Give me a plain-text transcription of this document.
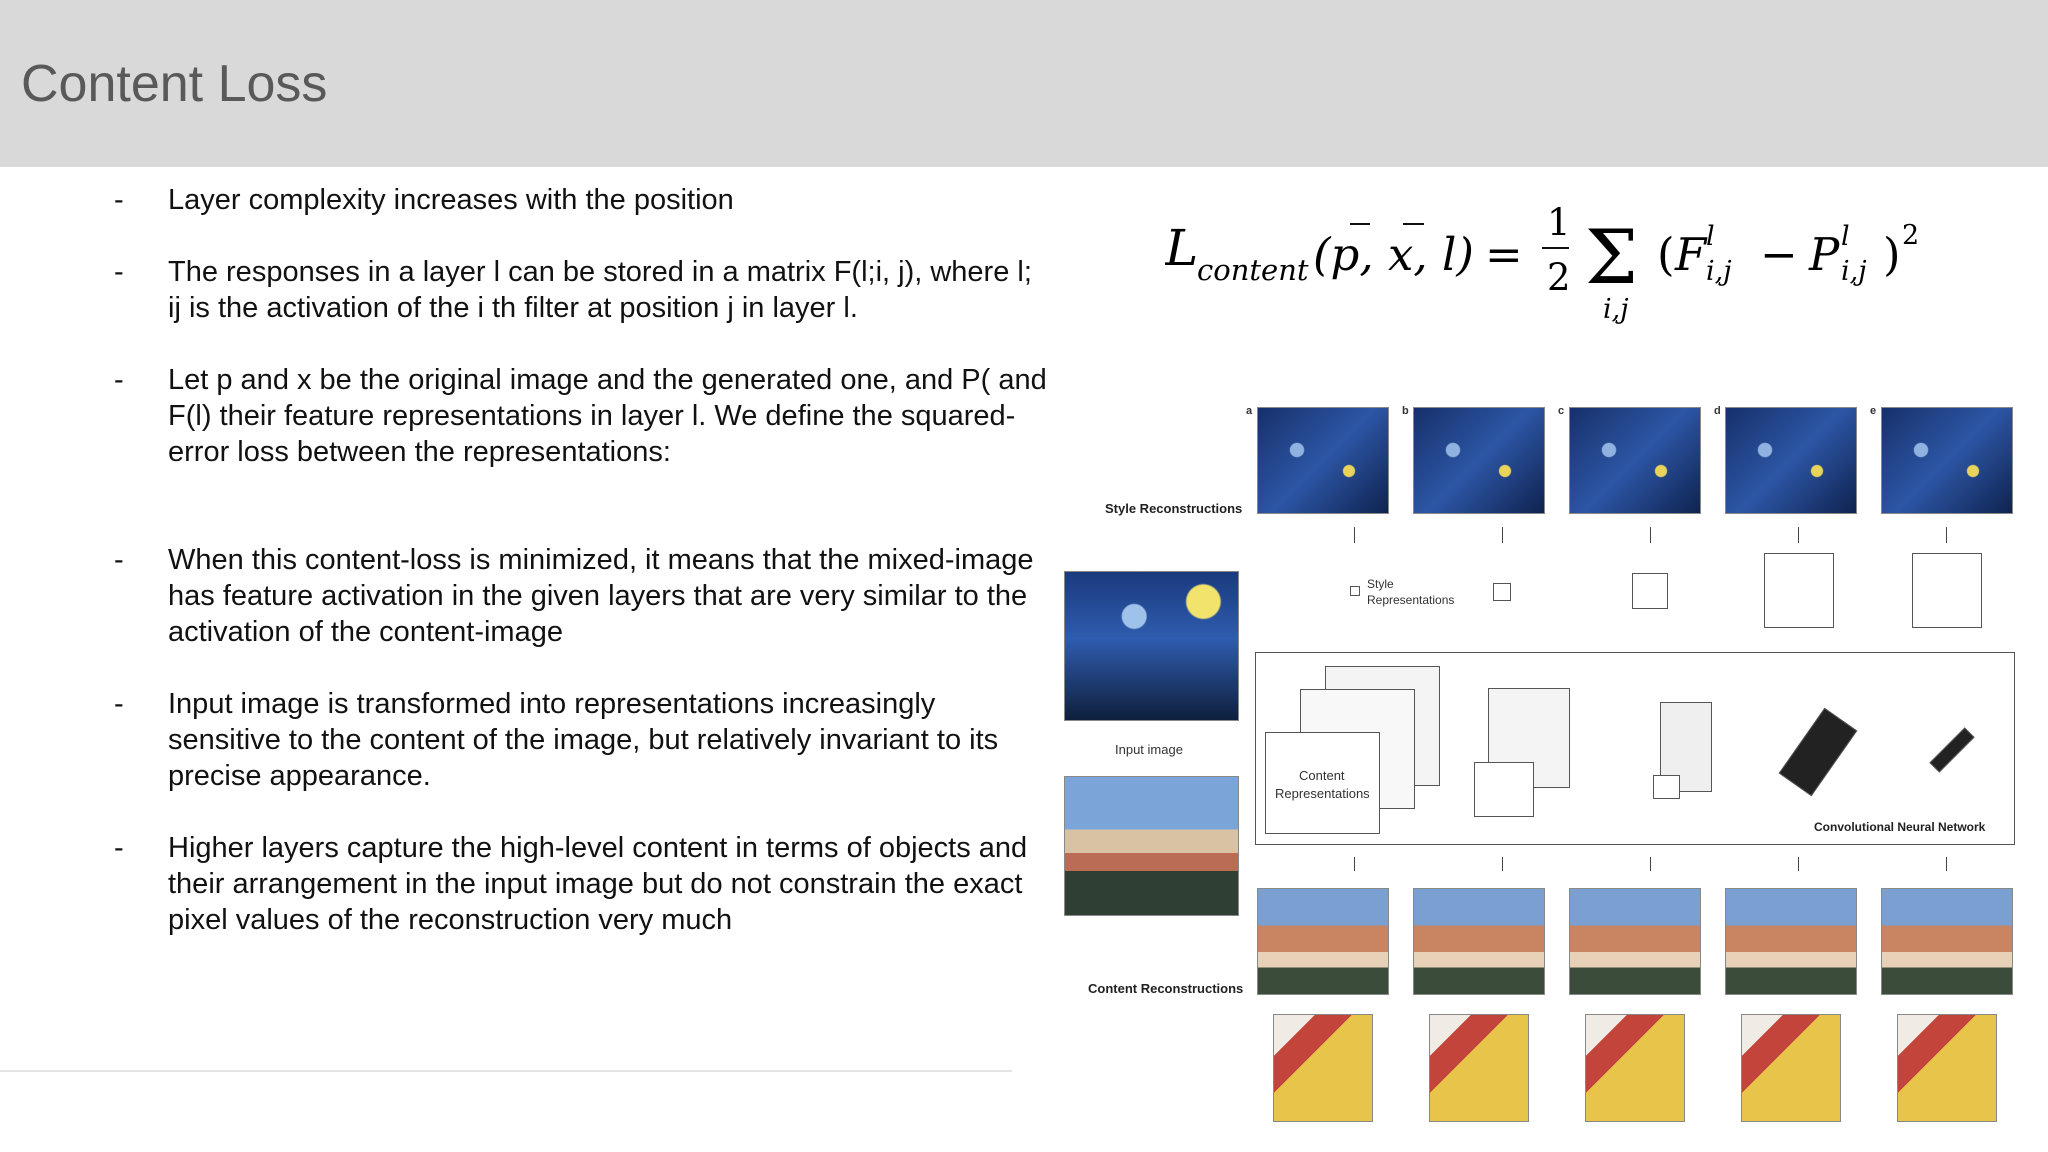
Content Loss
- Layer complexity increases with the position
- The responses in a layer l can be stored in a matrix F(l;i, j), where l; ij is the activation of the i th filter at position j in layer l.
- Let p and x be the original image and the generated one, and P( and F(l) their feature representations in layer l. We define the squared-error loss between the representations:
- When this content-loss is minimized, it means that the mixed-image has feature activation in the given layers that are very similar to the activation of the content-image
- Input image is transformed into representations increasingly sensitive to the content of the image, but relatively invariant to its precise appearance.
- Higher layers capture the high-level content in terms of objects and their arrangement in the input image but do not constrain the exact pixel values of the reconstruction very much
L
content (p, x, l) =
1
2 Σ
i,j
( F l
i,j − P l
i,j ) 2
a	b	c	d	e
Style Reconstructions
Input image
Style
Representations
Convolutional Neural Network
Content
Representations
Content Reconstructions
